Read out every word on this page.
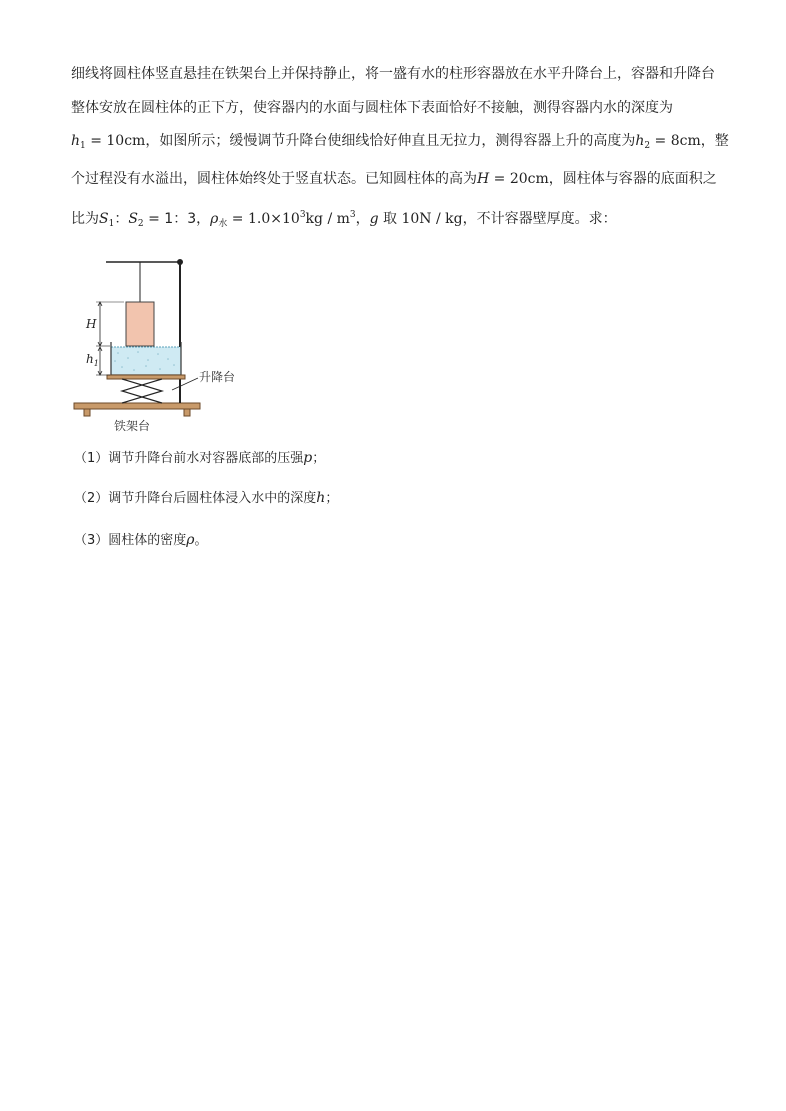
细线将圆柱体竖直悬挂在铁架台上并保持静止，将一盛有水的柱形容器放在水平升降台上，容器和升降台
整体安放在圆柱体的正下方，使容器内的水面与圆柱体下表面恰好不接触，测得容器内水的深度为
$h_1 = 10cm$，如图所示；缓慢调节升降台使细线恰好伸直且无拉力，测得容器上升的高度为$h_2 = 8cm$，整
个过程没有水溢出，圆柱体始终处于竖直状态。已知圆柱体的高为H = 20cm，圆柱体与容器的底面积之
比为$S_1$：$S_2 = 1$：3，$\rho_水 = 1.0\times 10^3kg / m^3$，g 取 10N / kg，不计容器壁厚度。求：
升降台
H
$h_1$
铁架台
（1）调节升降台前水对容器底部的压强p；
（2）调节升降台后圆柱体浸入水中的深度h；
（3）圆柱体的密度ρ。
